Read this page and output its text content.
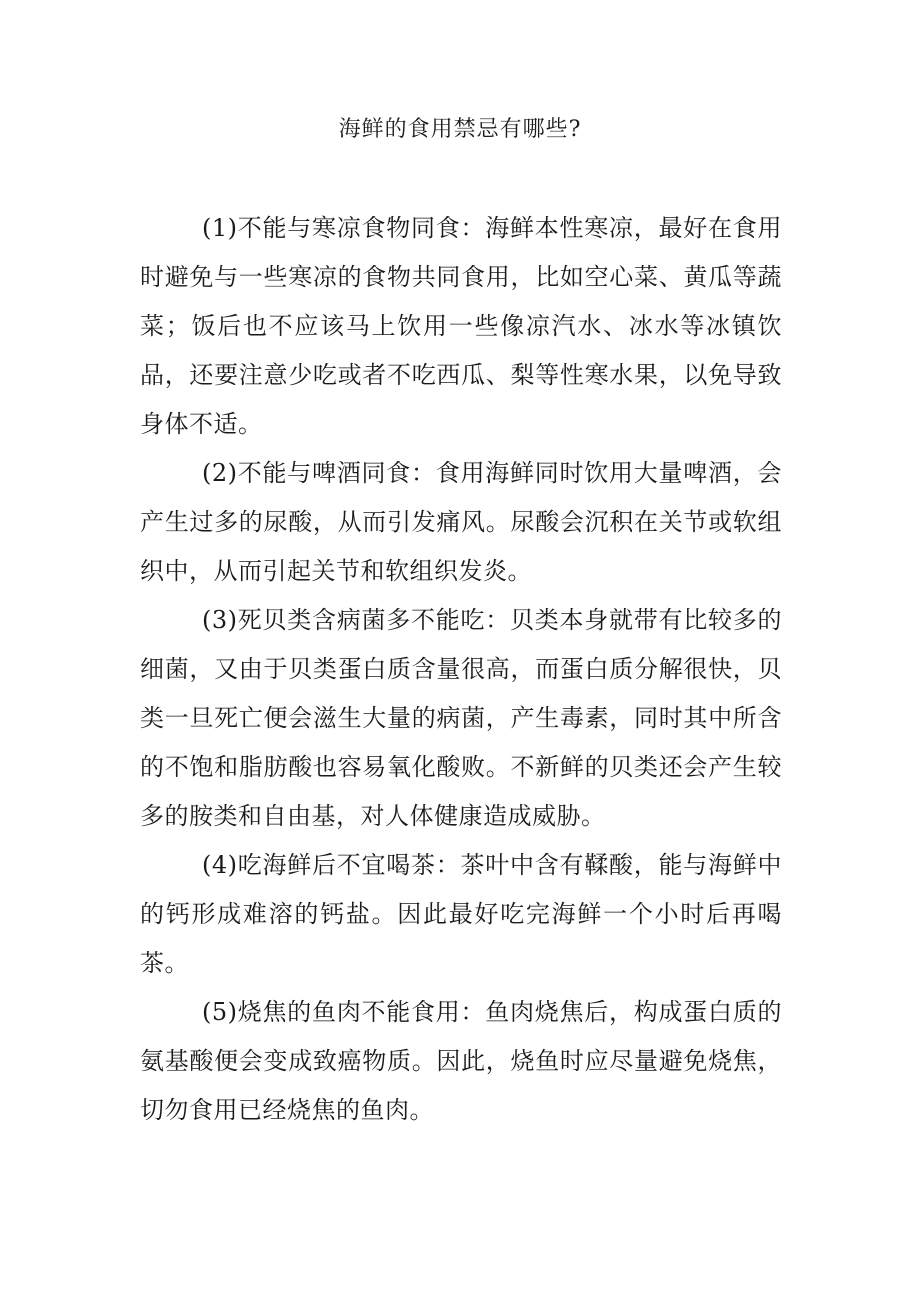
海鲜的食用禁忌有哪些?

(1)不能与寒凉食物同食：海鲜本性寒凉，最好在食用时避免与一些寒凉的食物共同食用，比如空心菜、黄瓜等蔬菜；饭后也不应该马上饮用一些像凉汽水、冰水等冰镇饮品，还要注意少吃或者不吃西瓜、梨等性寒水果，以免导致身体不适。

(2)不能与啤酒同食：食用海鲜同时饮用大量啤酒，会产生过多的尿酸，从而引发痛风。尿酸会沉积在关节或软组织中，从而引起关节和软组织发炎。

(3)死贝类含病菌多不能吃：贝类本身就带有比较多的细菌，又由于贝类蛋白质含量很高，而蛋白质分解很快，贝类一旦死亡便会滋生大量的病菌，产生毒素，同时其中所含的不饱和脂肪酸也容易氧化酸败。不新鲜的贝类还会产生较多的胺类和自由基，对人体健康造成威胁。

(4)吃海鲜后不宜喝茶：茶叶中含有鞣酸，能与海鲜中的钙形成难溶的钙盐。因此最好吃完海鲜一个小时后再喝茶。

(5)烧焦的鱼肉不能食用：鱼肉烧焦后，构成蛋白质的氨基酸便会变成致癌物质。因此，烧鱼时应尽量避免烧焦，切勿食用已经烧焦的鱼肉。
